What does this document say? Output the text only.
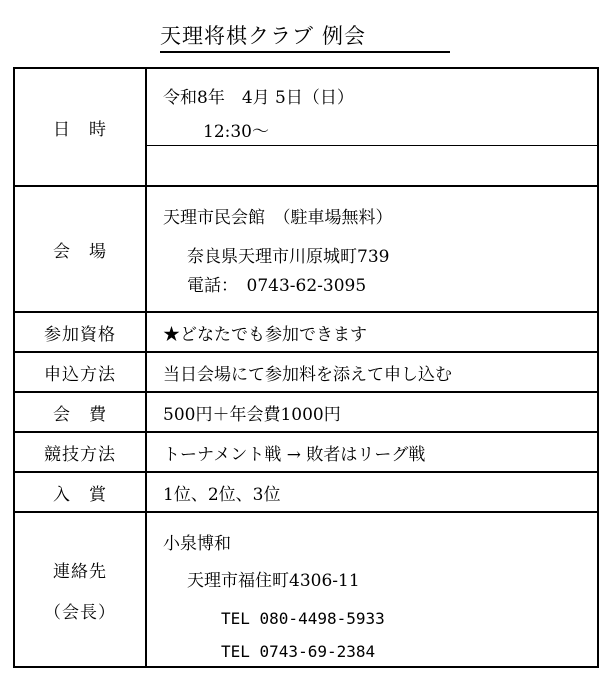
天理将棋クラブ 例会
日　時	令和8年　4月 5日（日）
12:30〜

会　場	天理市民会館　（駐車場無料）
奈良県天理市川原城町739
電話：　0743-62-3095

参加資格	★どなたでも参加できます

申込方法	当日会場にて参加料を添えて申し込む

会　費	500円＋年会費1000円

競技方法	トーナメント戦 → 敗者はリーグ戦

入　賞	1位、2位、3位

連絡先
（会長）	小泉博和
天理市福住町4306-11
TEL 080-4498-5933
TEL 0743-69-2384
